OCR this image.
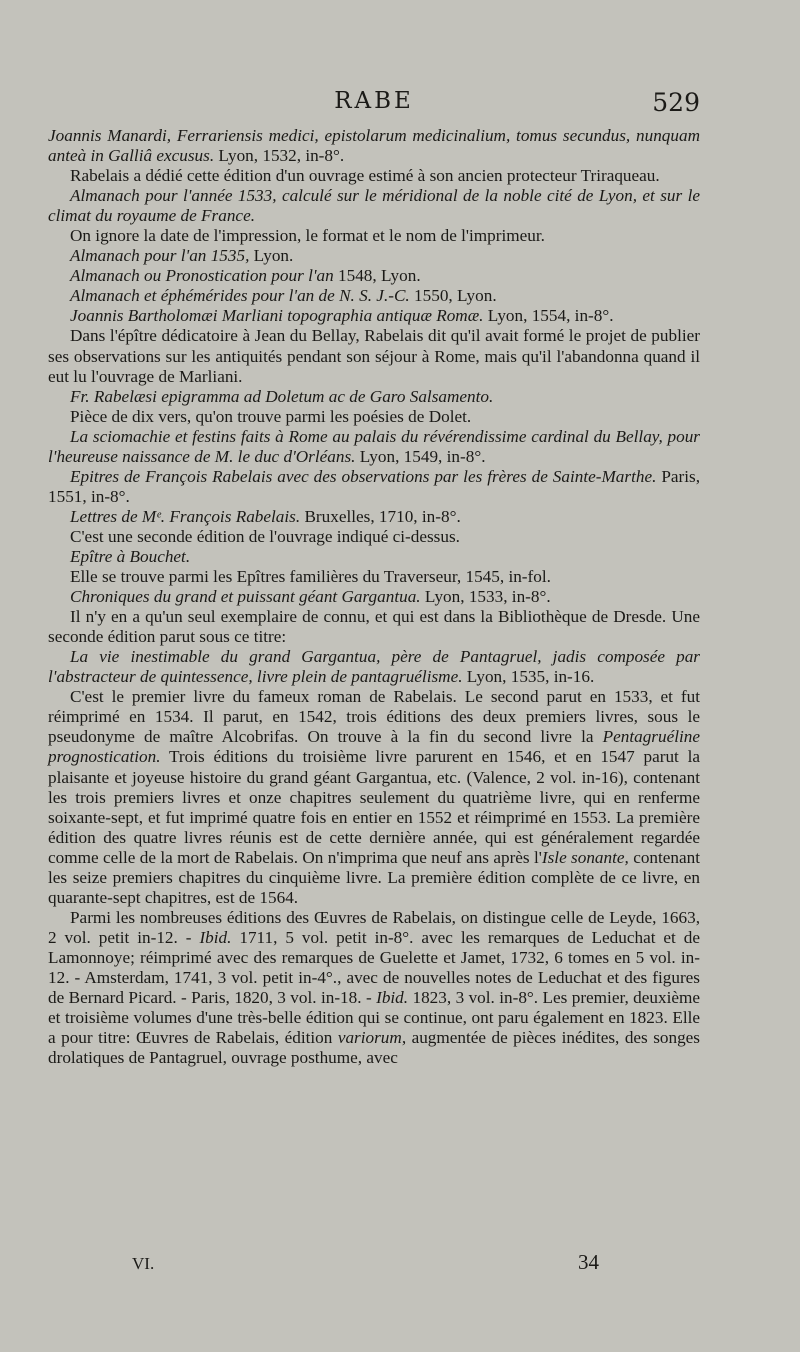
RABE	529

Joannis Manardi, Ferrariensis medici, epistolarum medicinalium, tomus secundus, nunquam anteà in Galliâ excusus. Lyon, 1532, in-8°.

Rabelais a dédié cette édition d'un ouvrage estimé à son ancien protecteur Triraqueau.

Almanach pour l'année 1533, calculé sur le méridional de la noble cité de Lyon, et sur le climat du royaume de France.

On ignore la date de l'impression, le format et le nom de l'imprimeur.

Almanach pour l'an 1535, Lyon.

Almanach ou Pronostication pour l'an 1548, Lyon.

Almanach et éphémérides pour l'an de N. S. J.-C. 1550, Lyon.

Joannis Bartholomæi Marliani topographia antiquæ Romæ. Lyon, 1554, in-8°.

Dans l'épître dédicatoire à Jean du Bellay, Rabelais dit qu'il avait formé le projet de publier ses observations sur les antiquités pendant son séjour à Rome, mais qu'il l'abandonna quand il eut lu l'ouvrage de Marliani.

Fr. Rabelæsi epigramma ad Doletum ac de Garo Salsamento.

Pièce de dix vers, qu'on trouve parmi les poésies de Dolet.

La sciomachie et festins faits à Rome au palais du révérendissime cardinal du Bellay, pour l'heureuse naissance de M. le duc d'Orléans. Lyon, 1549, in-8°.

Epitres de François Rabelais avec des observations par les frères de Sainte-Marthe. Paris, 1551, in-8°.

Lettres de Mᵉ. François Rabelais. Bruxelles, 1710, in-8°.

C'est une seconde édition de l'ouvrage indiqué ci-dessus.

Epître à Bouchet.

Elle se trouve parmi les Epîtres familières du Traverseur, 1545, in-fol.

Chroniques du grand et puissant géant Gargantua. Lyon, 1533, in-8°.

Il n'y en a qu'un seul exemplaire de connu, et qui est dans la Bibliothèque de Dresde. Une seconde édition parut sous ce titre:

La vie inestimable du grand Gargantua, père de Pantagruel, jadis composée par l'abstracteur de quintessence, livre plein de pantagruélisme. Lyon, 1535, in-16.

C'est le premier livre du fameux roman de Rabelais. Le second parut en 1533, et fut réimprimé en 1534. Il parut, en 1542, trois éditions des deux premiers livres, sous le pseudonyme de maître Alcobrifas. On trouve à la fin du second livre la Pentagruéline prognostication. Trois éditions du troisième livre parurent en 1546, et en 1547 parut la plaisante et joyeuse histoire du grand géant Gargantua, etc. (Valence, 2 vol. in-16), contenant les trois premiers livres et onze chapitres seulement du quatrième livre, qui en renferme soixante-sept, et fut imprimé quatre fois en entier en 1552 et réimprimé en 1553. La première édition des quatre livres réunis est de cette dernière année, qui est généralement regardée comme celle de la mort de Rabelais. On n'imprima que neuf ans après l'Isle sonante, contenant les seize premiers chapitres du cinquième livre. La première édition complète de ce livre, en quarante-sept chapitres, est de 1564.

Parmi les nombreuses éditions des Œuvres de Rabelais, on distingue celle de Leyde, 1663, 2 vol. petit in-12. - Ibid. 1711, 5 vol. petit in-8°. avec les remarques de Leduchat et de Lamonnoye; réimprimé avec des remarques de Guelette et Jamet, 1732, 6 tomes en 5 vol. in-12. - Amsterdam, 1741, 3 vol. petit in-4°., avec de nouvelles notes de Leduchat et des figures de Bernard Picard. - Paris, 1820, 3 vol. in-18. - Ibid. 1823, 3 vol. in-8°. Les premier, deuxième et troisième volumes d'une très-belle édition qui se continue, ont paru également en 1823. Elle a pour titre: Œuvres de Rabelais, édition variorum, augmentée de pièces inédites, des songes drolatiques de Pantagruel, ouvrage posthume, avec

VI.	34
